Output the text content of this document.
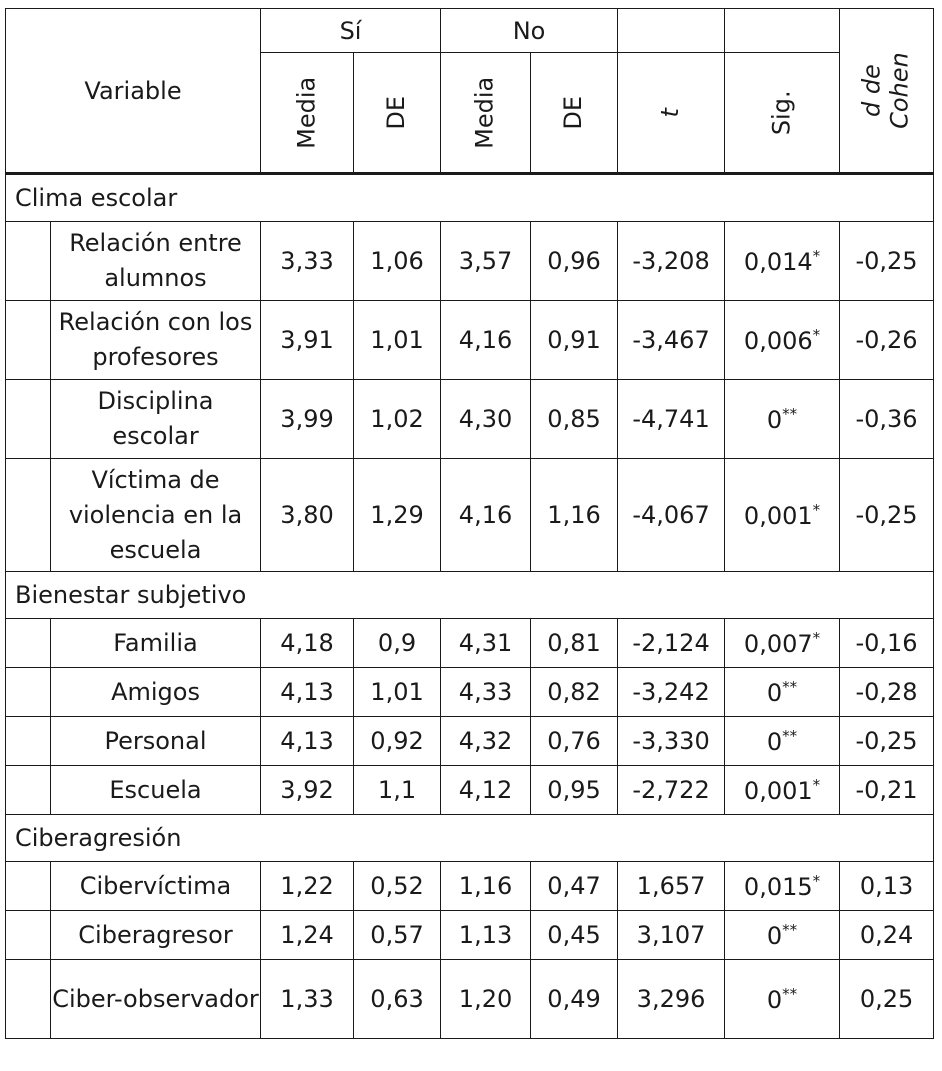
Variable		Sí		No				d de
Cohen
		Media	DE	Media	DE	t	Sig.	
Clima escolar								
	Relación entre alumnos	3,33	1,06	3,57	0,96	-3,208	0,014*	-0,25
	Relación con los profesores	3,91	1,01	4,16	0,91	-3,467	0,006*	-0,26
	Disciplina escolar	3,99	1,02	4,30	0,85	-4,741	0**	-0,36
	Víctima de violencia en la escuela	3,80	1,29	4,16	1,16	-4,067	0,001*	-0,25
Bienestar subjetivo								
	Familia	4,18	0,9	4,31	0,81	-2,124	0,007*	-0,16
	Amigos	4,13	1,01	4,33	0,82	-3,242	0**	-0,28
	Personal	4,13	0,92	4,32	0,76	-3,330	0**	-0,25
	Escuela	3,92	1,1	4,12	0,95	-2,722	0,001*	-0,21
Ciberagresión								
	Cibervíctima	1,22	0,52	1,16	0,47	1,657	0,015*	0,13
	Ciberagresor	1,24	0,57	1,13	0,45	3,107	0**	0,24
	Ciber-observador	1,33	0,63	1,20	0,49	3,296	0**	0,25
